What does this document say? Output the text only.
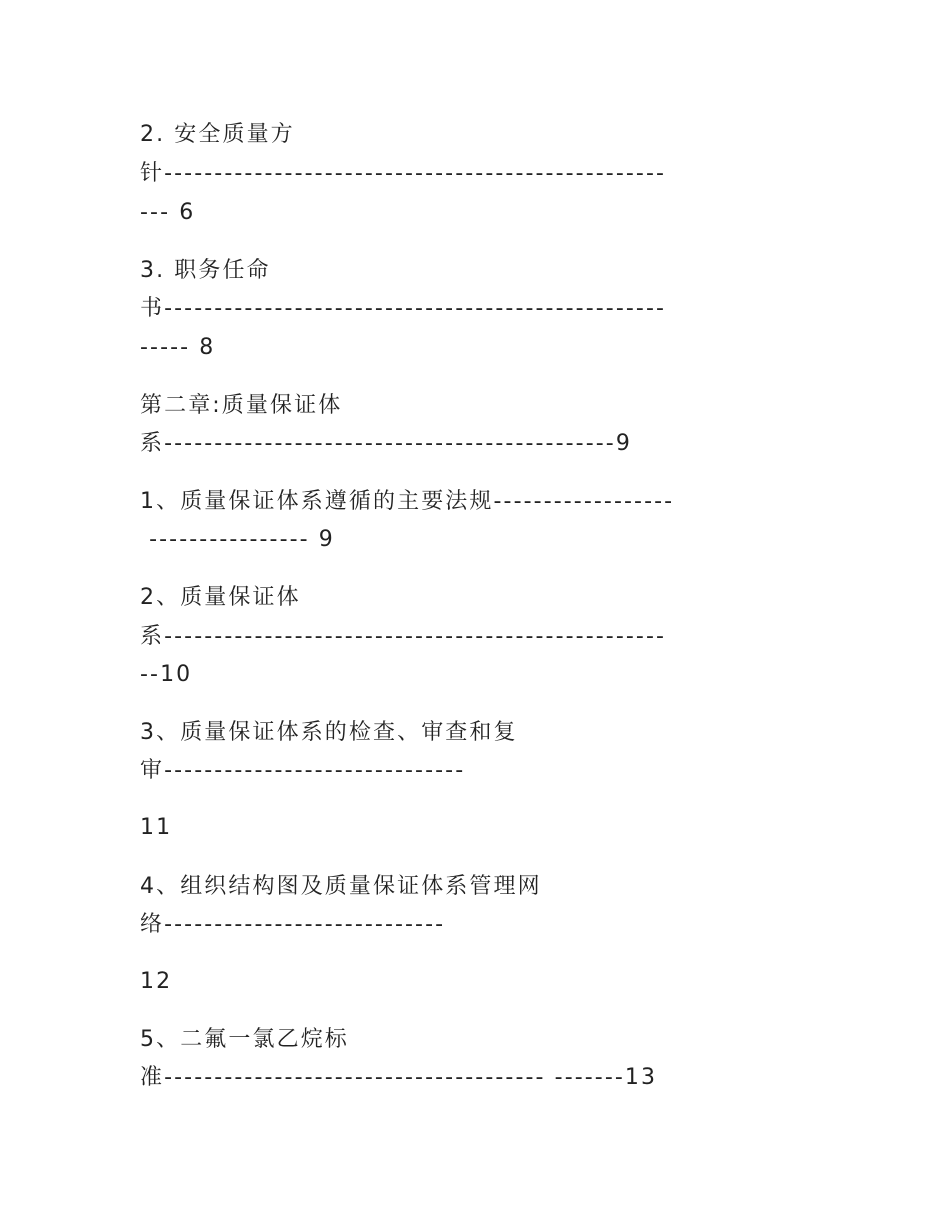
2. 安全质量方
针--------------------------------------------------
--- 6
3. 职务任命
书--------------------------------------------------
----- 8
第二章:质量保证体
系---------------------------------------------9
1、质量保证体系遵循的主要法规------------------
---------------- 9
2、质量保证体
系--------------------------------------------------
--10
3、质量保证体系的检查、审查和复
审------------------------------
11
4、组织结构图及质量保证体系管理网
络----------------------------
12
5、二氟一氯乙烷标
准-------------------------------------- -------13
